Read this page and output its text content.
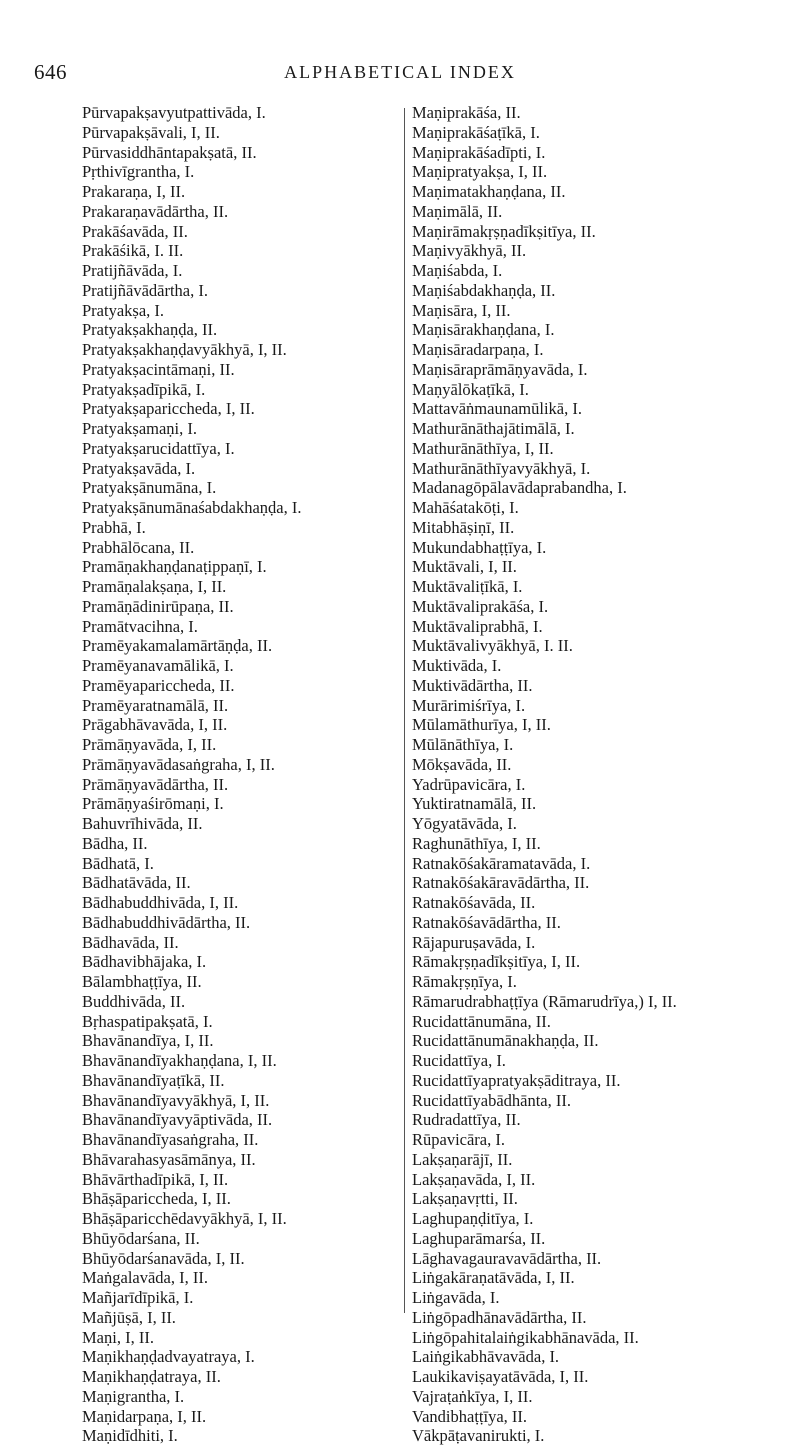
646	ALPHABETICAL INDEX
Pūrvapakṣavyutpattivāda, I.
Pūrvapakṣāvali, I, II.
Pūrvasiddhāntapakṣatā, II.
Pṛthivīgrantha, I.
Prakaraṇa, I, II.
Prakaraṇavādārtha, II.
Prakāśavāda, II.
Prakāśikā, I. II.
Pratijñāvāda, I.
Pratijñāvādārtha, I.
Pratyakṣa, I.
Pratyakṣakhaṇḍa, II.
Pratyakṣakhaṇḍavyākhyā, I, II.
Pratyakṣacintāmaṇi, II.
Pratyakṣadīpikā, I.
Pratyakṣapariccheda, I, II.
Pratyakṣamaṇi, I.
Pratyakṣarucidattīya, I.
Pratyakṣavāda, I.
Pratyakṣānumāna, I.
Pratyakṣānumānaśabdakhaṇḍa, I.
Prabhā, I.
Prabhālōcana, II.
Pramāṇakhaṇḍanaṭippaṇī, I.
Pramāṇalakṣaṇa, I, II.
Pramāṇādinirūpaṇa, II.
Pramātvacihna, I.
Pramēyakamalamārtāṇḍa, II.
Pramēyanavamālikā, I.
Pramēyapariccheda, II.
Pramēyaratnamālā, II.
Prāgabhāvavāda, I, II.
Prāmāṇyavāda, I, II.
Prāmāṇyavādasaṅgraha, I, II.
Prāmāṇyavādārtha, II.
Prāmāṇyaśirōmaṇi, I.
Bahuvrīhivāda, II.
Bādha, II.
Bādhatā, I.
Bādhatāvāda, II.
Bādhabuddhivāda, I, II.
Bādhabuddhivādārtha, II.
Bādhavāda, II.
Bādhavibhājaka, I.
Bālambhaṭṭīya, II.
Buddhivāda, II.
Bṛhaspatipakṣatā, I.
Bhavānandīya, I, II.
Bhavānandīyakhaṇḍana, I, II.
Bhavānandīyaṭīkā, II.
Bhavānandīyavyākhyā, I, II.
Bhavānandīyavyāptivāda, II.
Bhavānandīyasaṅgraha, II.
Bhāvarahasyasāmānya, II.
Bhāvārthadīpikā, I, II.
Bhāṣāpariccheda, I, II.
Bhāṣāparicchēdavyākhyā, I, II.
Bhūyōdarśana, II.
Bhūyōdarśanavāda, I, II.
Maṅgalavāda, I, II.
Mañjarīdīpikā, I.
Mañjūṣā, I, II.
Maṇi, I, II.
Maṇikhaṇḍadvayatraya, I.
Maṇikhaṇḍatraya, II.
Maṇigrantha, I.
Maṇidarpaṇa, I, II.
Maṇidīdhiti, I.
Maṇiprakāśa, II.
Maṇiprakāśaṭīkā, I.
Maṇiprakāśadīpti, I.
Maṇipratyakṣa, I, II.
Maṇimatakhaṇḍana, II.
Maṇimālā, II.
Maṇirāmakṛṣṇadīkṣitīya, II.
Maṇivyākhyā, II.
Maṇiśabda, I.
Maṇiśabdakhaṇḍa, II.
Maṇisāra, I, II.
Maṇisārakhaṇḍana, I.
Maṇisāradarpaṇa, I.
Maṇisāraprāmāṇyavāda, I.
Maṇyālōkaṭīkā, I.
Mattavāṅmaunamūlikā, I.
Mathurānāthajātimālā, I.
Mathurānāthīya, I, II.
Mathurānāthīyavyākhyā, I.
Madanagōpālavādaprabandha, I.
Mahāśatakōṭi, I.
Mitabhāṣiṇī, II.
Mukundabhaṭṭīya, I.
Muktāvali, I, II.
Muktāvaliṭīkā, I.
Muktāvaliprakāśa, I.
Muktāvaliprabhā, I.
Muktāvalivyākhyā, I. II.
Muktivāda, I.
Muktivādārtha, II.
Murārimiśrīya, I.
Mūlamāthurīya, I, II.
Mūlānāthīya, I.
Mōkṣavāda, II.
Yadrūpavicāra, I.
Yuktiratnamālā, II.
Yōgyatāvāda, I.
Raghunāthīya, I, II.
Ratnakōśakāramatavāda, I.
Ratnakōśakāravādārtha, II.
Ratnakōśavāda, II.
Ratnakōśavādārtha, II.
Rājapuruṣavāda, I.
Rāmakṛṣṇadīkṣitīya, I, II.
Rāmakṛṣṇīya, I.
Rāmarudrabhaṭṭīya (Rāmarudrīya,) I, II.
Rucidattānumāna, II.
Rucidattānumānakhaṇḍa, II.
Rucidattīya, I.
Rucidattīyapratyakṣāditraya, II.
Rucidattīyabādhānta, II.
Rudradattīya, II.
Rūpavicāra, I.
Lakṣaṇarājī, II.
Lakṣaṇavāda, I, II.
Lakṣaṇavṛtti, II.
Laghupaṇḍitīya, I.
Laghuparāmarśa, II.
Lāghavagauravavādārtha, II.
Liṅgakāraṇatāvāda, I, II.
Liṅgavāda, I.
Liṅgōpadhānavādārtha, II.
Liṅgōpahitalaiṅgikabhānavāda, II.
Laiṅgikabhāvavāda, I.
Laukikaviṣayatāvāda, I, II.
Vajraṭaṅkīya, I, II.
Vandibhaṭṭīya, II.
Vākpāṭavanirukti, I.
